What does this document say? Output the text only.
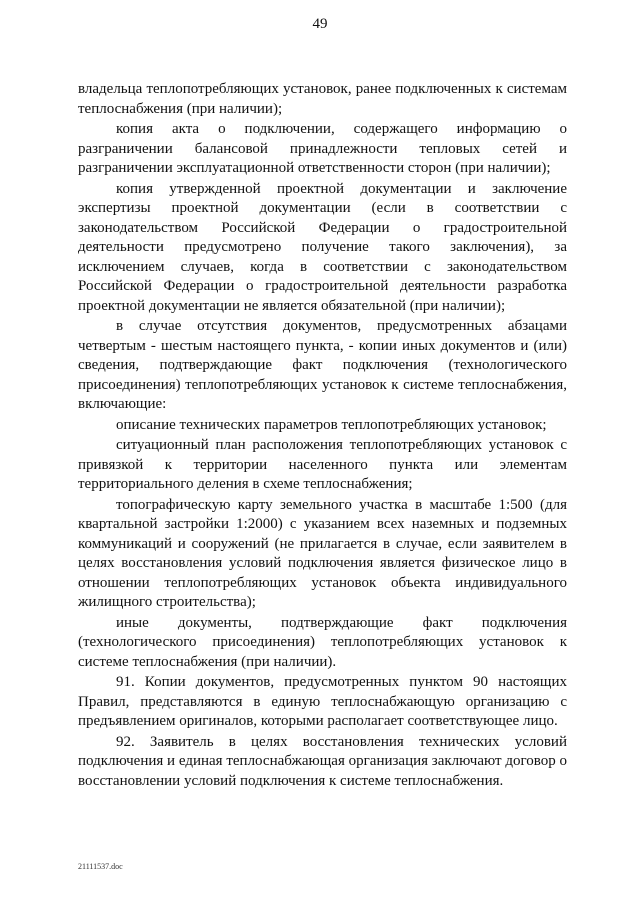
49

владельца теплопотребляющих установок, ранее подключенных к системам теплоснабжения (при наличии);

копия акта о подключении, содержащего информацию о разграничении балансовой принадлежности тепловых сетей и разграничении эксплуатационной ответственности сторон (при наличии);

копия утвержденной проектной документации и заключение экспертизы проектной документации (если в соответствии с законодательством Российской Федерации о градостроительной деятельности предусмотрено получение такого заключения), за исключением случаев, когда в соответствии с законодательством Российской Федерации о градостроительной деятельности разработка проектной документации не является обязательной (при наличии);

в случае отсутствия документов, предусмотренных абзацами четвертым - шестым настоящего пункта, - копии иных документов и (или) сведения, подтверждающие факт подключения (технологического присоединения) теплопотребляющих установок к системе теплоснабжения, включающие:

описание технических параметров теплопотребляющих установок;

ситуационный план расположения теплопотребляющих установок с привязкой к территории населенного пункта или элементам территориального деления в схеме теплоснабжения;

топографическую карту земельного участка в масштабе 1:500 (для квартальной застройки 1:2000) с указанием всех наземных и подземных коммуникаций и сооружений (не прилагается в случае, если заявителем в целях восстановления условий подключения является физическое лицо в отношении теплопотребляющих установок объекта индивидуального жилищного строительства);

иные документы, подтверждающие факт подключения (технологического присоединения) теплопотребляющих установок к системе теплоснабжения (при наличии).

91. Копии документов, предусмотренных пунктом 90 настоящих Правил, представляются в единую теплоснабжающую организацию с предъявлением оригиналов, которыми располагает соответствующее лицо.

92. Заявитель в целях восстановления технических условий подключения и единая теплоснабжающая организация заключают договор о восстановлении условий подключения к системе теплоснабжения.

21111537.doc
